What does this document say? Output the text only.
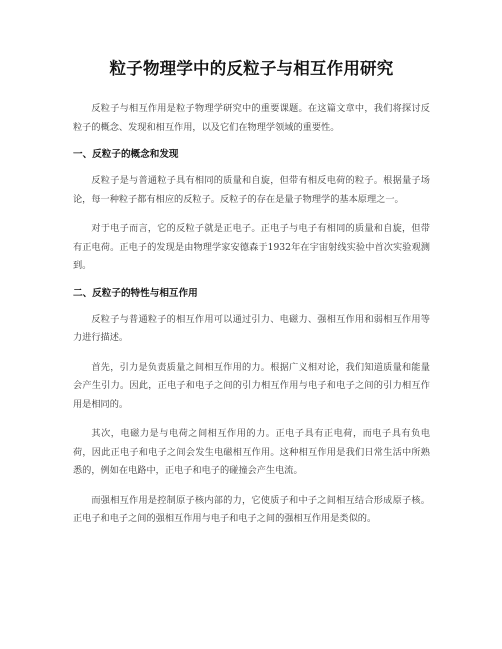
粒子物理学中的反粒子与相互作用研究

反粒子与相互作用是粒子物理学研究中的重要课题。在这篇文章中，我们将探讨反粒子的概念、发现和相互作用，以及它们在物理学领域的重要性。

一、反粒子的概念和发现

反粒子是与普通粒子具有相同的质量和自旋，但带有相反电荷的粒子。根据量子场论，每一种粒子都有相应的反粒子。反粒子的存在是量子物理学的基本原理之一。

对于电子而言，它的反粒子就是正电子。正电子与电子有相同的质量和自旋，但带有正电荷。正电子的发现是由物理学家安德森于1932年在宇宙射线实验中首次实验观测到。

二、反粒子的特性与相互作用

反粒子与普通粒子的相互作用可以通过引力、电磁力、强相互作用和弱相互作用等力进行描述。

首先，引力是负责质量之间相互作用的力。根据广义相对论，我们知道质量和能量会产生引力。因此，正电子和电子之间的引力相互作用与电子和电子之间的引力相互作用是相同的。

其次，电磁力是与电荷之间相互作用的力。正电子具有正电荷，而电子具有负电荷，因此正电子和电子之间会发生电磁相互作用。这种相互作用是我们日常生活中所熟悉的，例如在电路中，正电子和电子的碰撞会产生电流。

而强相互作用是控制原子核内部的力，它使质子和中子之间相互结合形成原子核。正电子和电子之间的强相互作用与电子和电子之间的强相互作用是类似的。
